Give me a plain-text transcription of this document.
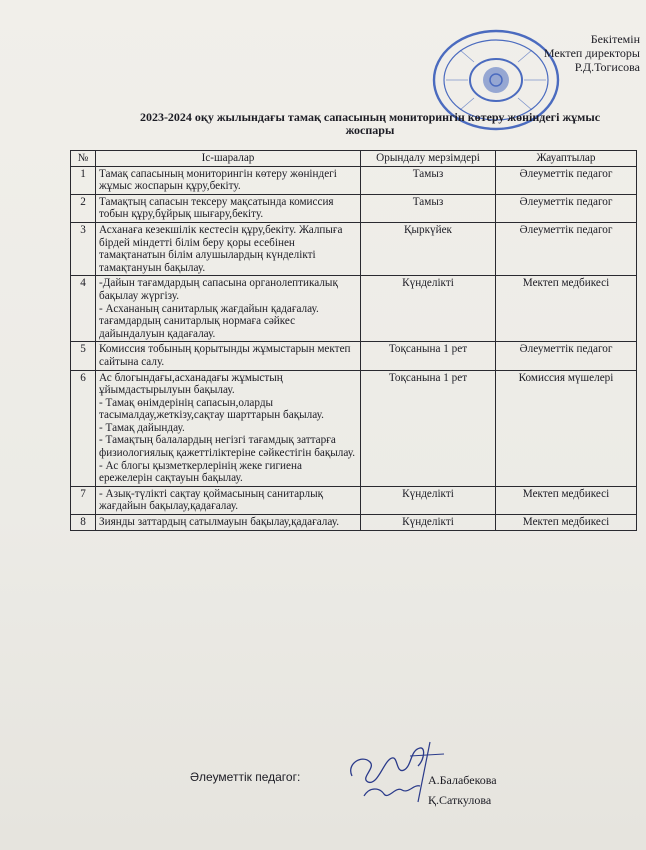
Бекітемін
Мектеп директоры
Р.Д.Тогисова
2023-2024 оқу жылындағы тамақ сапасының мониторингін көтеру жөніндегі жұмыс жоспары
№	Іс-шаралар	Орындалу мерзімдері	Жауаптылар
1	Тамақ сапасының мониторингін көтеру жөніндегі жұмыс жоспарын құру,бекіту.	Тамыз	Әлеуметтік педагог
2	Тамақтың сапасын тексеру мақсатында комиссия тобын құру,бұйрық шығару,бекіту.	Тамыз	Әлеуметтік педагог
3	Асханаға кезекшілік кестесін құру,бекіту. Жалпыға бірдей міндетті білім беру қоры есебінен тамақтанатын білім алушылардың күнделікті тамақтануын бақылау.	Қыркүйек	Әлеуметтік педагог
4	-Дайын тағамдардың сапасына органолептикалық бақылау жүргізу.
- Асхананың санитарлық жағдайын қадағалау. тағамдардың санитарлық нормаға сәйкес дайындалуын қадағалау.	Күнделікті	Мектеп медбикесі
5	Комиссия тобының қорытынды жұмыстарын мектеп сайтына салу.	Тоқсанына 1 рет	Әлеуметтік педагог
6	Ас блогындағы,асханадағы жұмыстың ұйымдастырылуын бақылау.
- Тамақ өнімдерінің сапасын,оларды тасымалдау,жеткізу,сақтау шарттарын бақылау.
- Тамақ дайындау.
- Тамақтың балалардың негізгі тағамдық заттарға физиологиялық қажеттіліктеріне сәйкестігін бақылау.
- Ас блогы қызметкерлерінің жеке гигиена ережелерін сақтауын бақылау.	Тоқсанына 1 рет	Комиссия мүшелері
7	- Азық-түлікті сақтау қоймасының санитарлық жағдайын бақылау,қадағалау.	Күнделікті	Мектеп медбикесі
8	Зиянды заттардың сатылмауын бақылау,қадағалау.	Күнделікті	Мектеп медбикесі
Әлеуметтік педагог:	А.Балабекова
Қ.Саткулова
